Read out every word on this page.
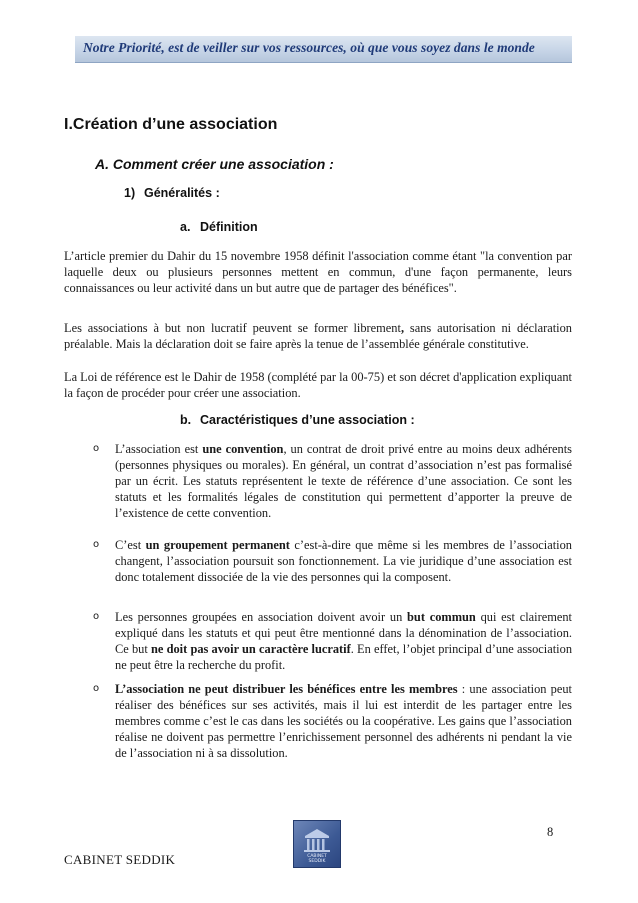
Notre Priorité, est de veiller sur vos ressources, où que vous soyez dans le monde
I.Création d’une association
A. Comment créer une association :
1) Généralités :
a. Définition
L’article premier du Dahir du 15 novembre 1958 définit l'association comme étant "la convention par laquelle deux ou plusieurs personnes mettent en commun, d'une façon permanente, leurs connaissances ou leur activité dans un but autre que de partager des bénéfices".
Les associations à but non lucratif peuvent se former librement, sans autorisation ni déclaration préalable. Mais la déclaration doit se faire après la tenue de l’assemblée générale constitutive.
La Loi de référence est le Dahir de 1958 (complété par la 00-75) et son décret d'application expliquant la façon de procéder pour créer une association.
b. Caractéristiques d’une association :
o	L’association est une convention, un contrat de droit privé entre au moins deux adhérents (personnes physiques ou morales). En général, un contrat d’association n’est pas formalisé par un écrit. Les statuts représentent le texte de référence d’une association. Ce sont les statuts et les formalités légales de constitution qui permettent d’apporter la preuve de l’existence de cette convention.
o	C’est un groupement permanent c’est-à-dire que même si les membres de l’association changent, l’association poursuit son fonctionnement. La vie juridique d’une association est donc totalement dissociée de la vie des personnes qui la composent.
o	Les personnes groupées en association doivent avoir un but commun qui est clairement expliqué dans les statuts et qui peut être mentionné dans la dénomination de l’association. Ce but ne doit pas avoir un caractère lucratif. En effet, l’objet principal d’une association ne peut être la recherche du profit.
o	L’association ne peut distribuer les bénéfices entre les membres : une association peut réaliser des bénéfices sur ses activités, mais il lui est interdit de les partager entre les membres comme c’est le cas dans les sociétés ou la coopérative. Les gains que l’association réalise ne doivent pas permettre l’enrichissement personnel des adhérents ni pendant la vie de l’association ni à sa dissolution.
CABINET
SEDDIK
8
CABINET SEDDIK
